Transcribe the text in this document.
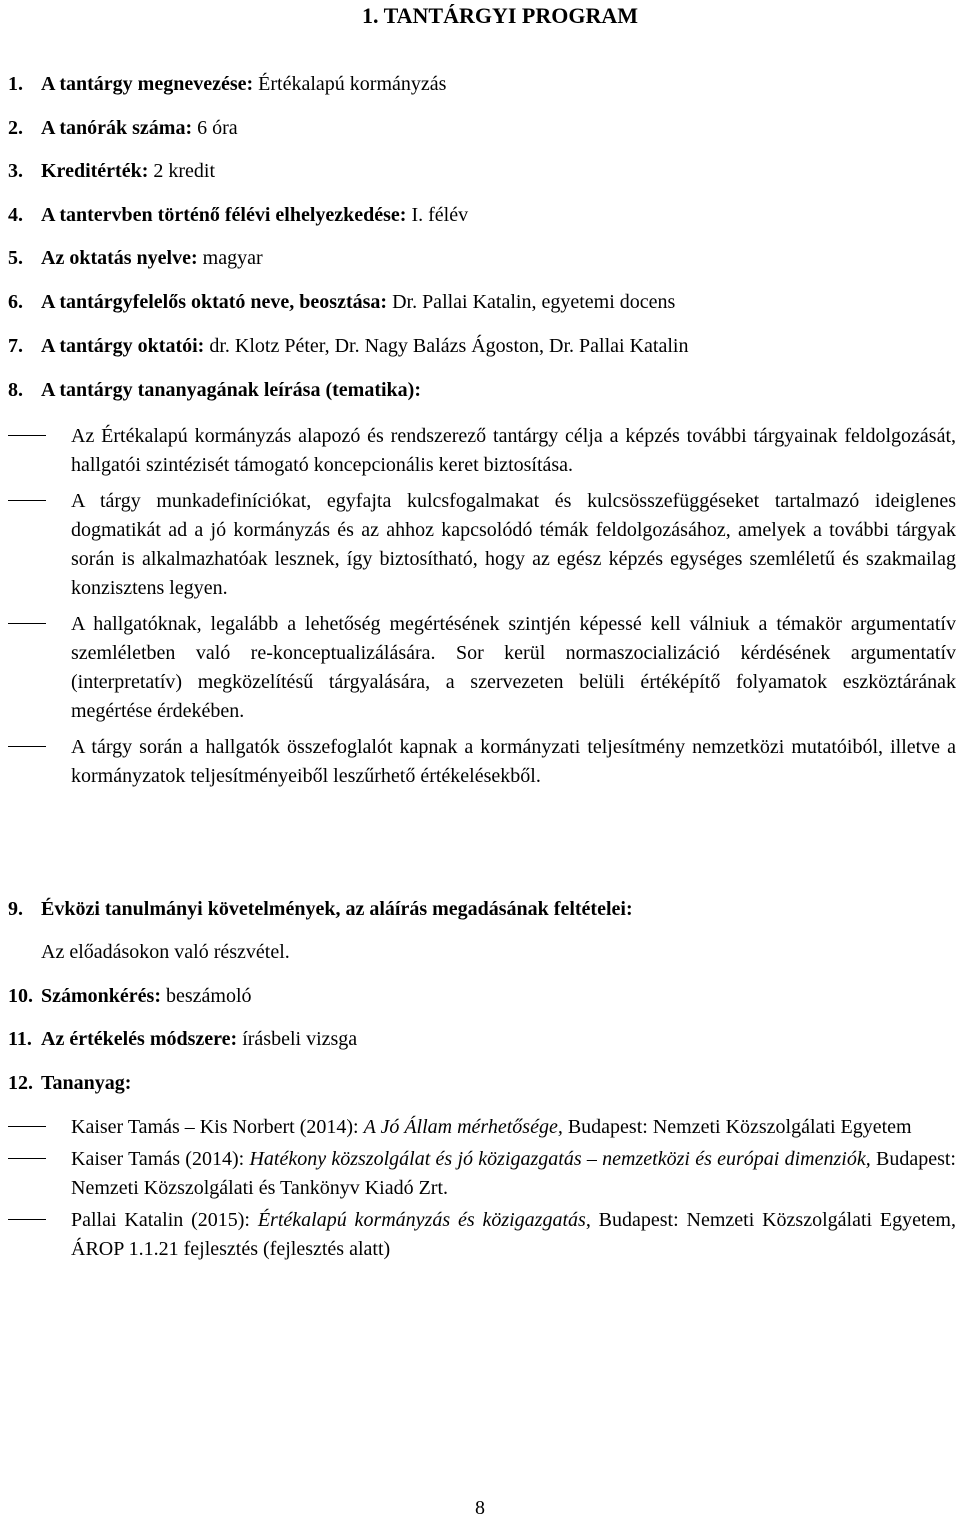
1. TANTÁRGYI PROGRAM
1. A tantárgy megnevezése: Értékalapú kormányzás
2. A tanórák száma: 6 óra
3. Kreditérték: 2 kredit
4. A tantervben történő félévi elhelyezkedése: I. félév
5. Az oktatás nyelve: magyar
6. A tantárgyfelelős oktató neve, beosztása: Dr. Pallai Katalin, egyetemi docens
7. A tantárgy oktatói: dr. Klotz Péter, Dr. Nagy Balázs Ágoston, Dr. Pallai Katalin
8. A tantárgy tananyagának leírása (tematika):

Az Értékalapú kormányzás alapozó és rendszerező tantárgy célja a képzés további tárgyainak feldolgozását, hallgatói szintézisét támogató koncepcionális keret biztosítása.

A tárgy munkadefiníciókat, egyfajta kulcsfogalmakat és kulcsösszefüggéseket tartalmazó ideiglenes dogmatikát ad a jó kormányzás és az ahhoz kapcsolódó témák feldolgozásához, amelyek a további tárgyak során is alkalmazhatóak lesznek, így biztosítható, hogy az egész képzés egységes szemléletű és szakmailag konzisztens legyen.

A hallgatóknak, legalább a lehetőség megértésének szintjén képessé kell válniuk a témakör argumentatív szemléletben való re-konceptualizálására. Sor kerül normaszocializáció kérdésének argumentatív (interpretatív) megközelítésű tárgyalására, a szervezeten belüli értéképítő folyamatok eszköztárának megértése érdekében.

A tárgy során a hallgatók összefoglalót kapnak a kormányzati teljesítmény nemzetközi mutatóiból, illetve a kormányzatok teljesítményeiből leszűrhető értékelésekből.

9. Évközi tanulmányi követelmények, az aláírás megadásának feltételei:
Az előadásokon való részvétel.
10. Számonkérés: beszámoló
11. Az értékelés módszere: írásbeli vizsga
12. Tananyag:

Kaiser Tamás – Kis Norbert (2014): A Jó Állam mérhetősége, Budapest: Nemzeti Közszolgálati Egyetem

Kaiser Tamás (2014): Hatékony közszolgálat és jó közigazgatás – nemzetközi és európai dimenziók, Budapest: Nemzeti Közszolgálati és Tankönyv Kiadó Zrt.

Pallai Katalin (2015): Értékalapú kormányzás és közigazgatás, Budapest: Nemzeti Közszolgálati Egyetem, ÁROP 1.1.21 fejlesztés (fejlesztés alatt)

8
